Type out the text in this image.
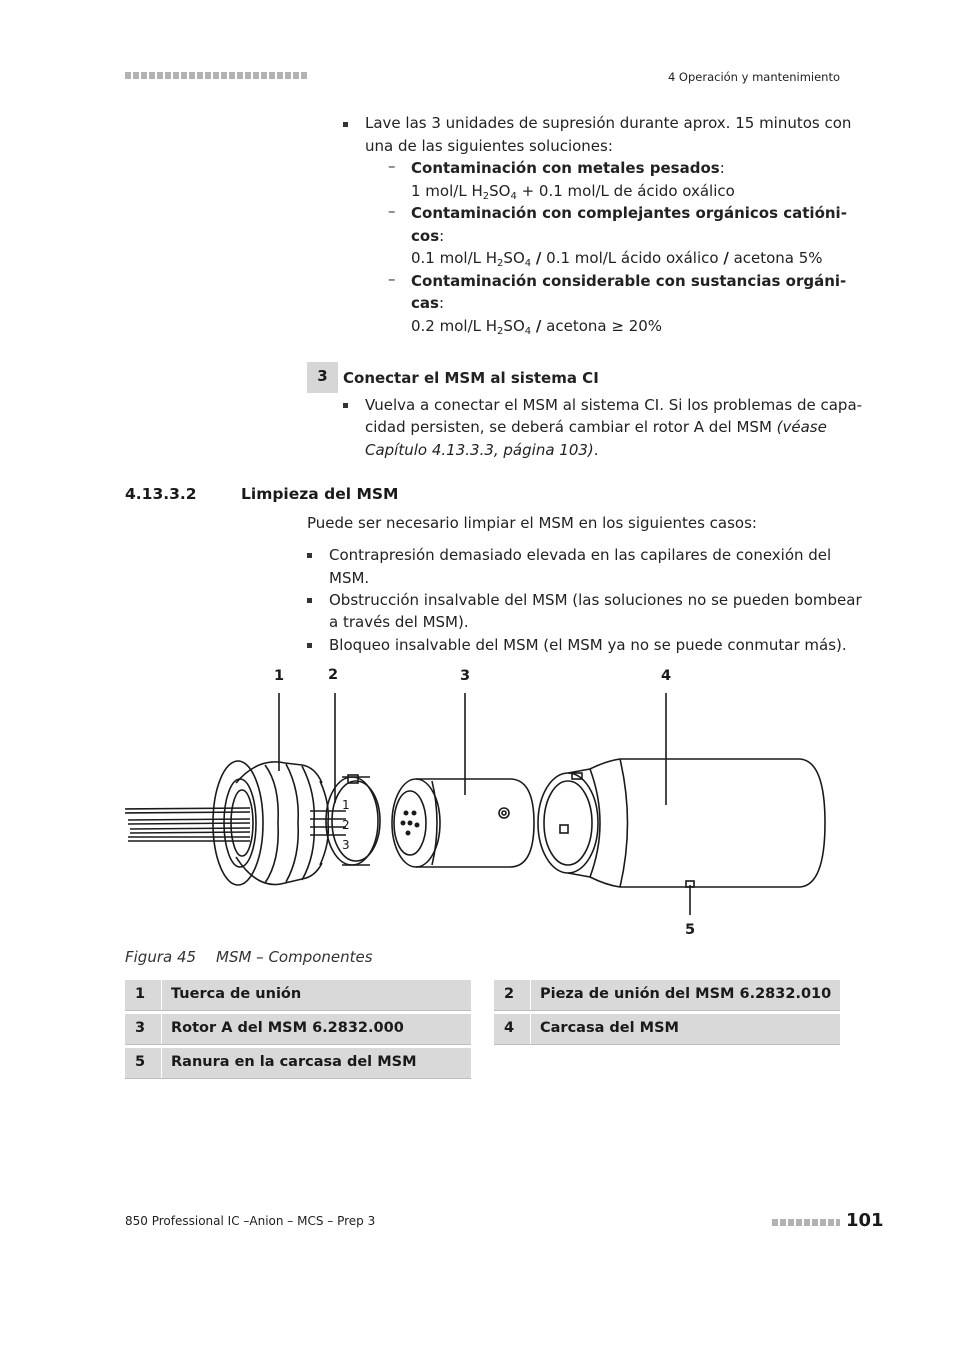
4 Operación y mantenimiento
Lave las 3 unidades de supresión durante aprox. 15 minutos con
una de las siguientes soluciones:
– Contaminación con metales pesados:
1 mol/L $H_2SO_4 + 0.1$ mol/L de ácido oxálico
– Contaminación con complejantes orgánicos catióni-
cos:
0.1 mol/L $H_2SO_4 / 0.1$ mol/L ácido oxálico / acetona 5%
– Contaminación considerable con sustancias orgáni-
cas:
0.2 mol/L $H_2SO_4$ / acetona ≥ 20%
3	Conectar el MSM al sistema CI
Vuelva a conectar el MSM al sistema CI. Si los problemas de capa-
cidad persisten, se deberá cambiar el rotor A del MSM (véase
Capítulo 4.13.3.3, página 103).
4.13.3.2	Limpieza del MSM
Puede ser necesario limpiar el MSM en los siguientes casos:
Contrapresión demasiado elevada en las capilares de conexión del
MSM.
Obstrucción insalvable del MSM (las soluciones no se pueden bombear
a través del MSM).
Bloqueo insalvable del MSM (el MSM ya no se puede conmutar más).
1	2	3	4
5
1
2
3
Figura 45 MSM – Componentes
1 Tuerca de unión	2 Pieza de unión del MSM 6.2832.010
3 Rotor A del MSM 6.2832.000	4 Carcasa del MSM
5 Ranura en la carcasa del MSM
850 Professional IC –Anion – MCS – Prep 3	101
